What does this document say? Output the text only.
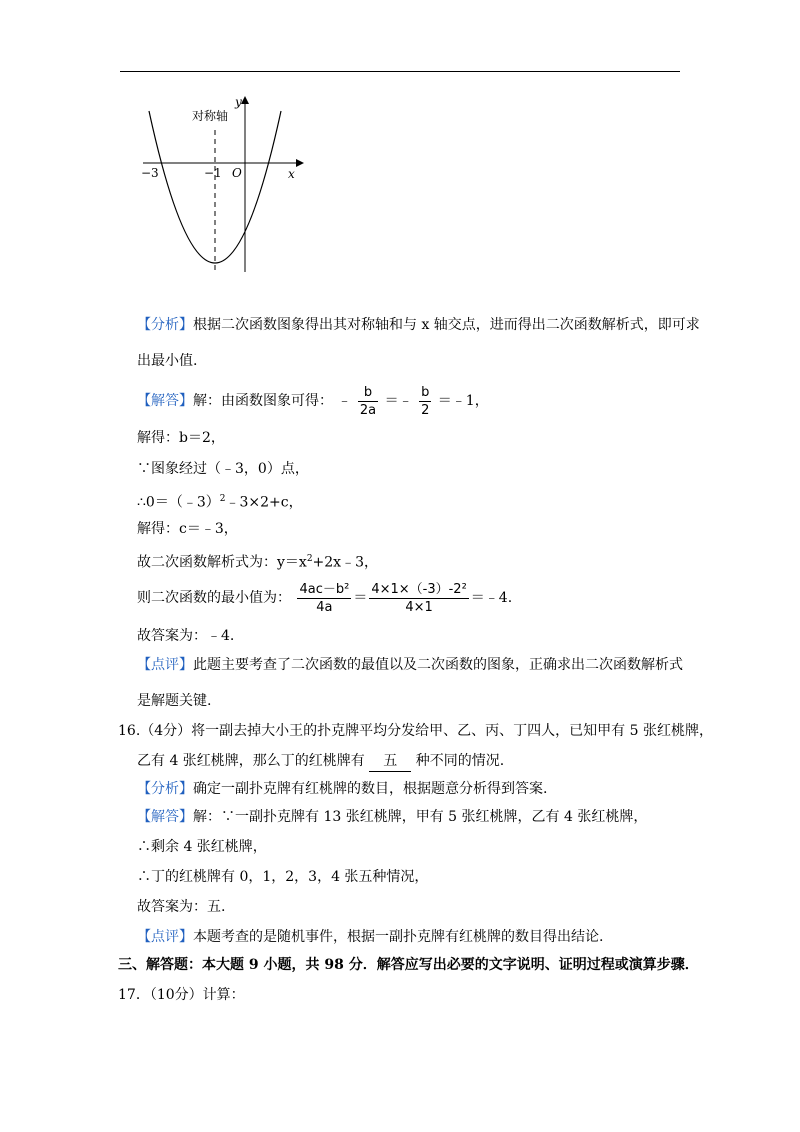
y
x
对称轴
−3	−1 O
【分析】根据二次函数图象得出其对称轴和与 x 轴交点，进而得出二次函数解析式，即可求
出最小值.
【解答】解：由函数图象可得： ﹣ $\frac{b}{2a}$ ＝﹣ $\frac{b}{2}$ ＝﹣1，
解得：b＝2，
∵图象经过（﹣3，0）点，
∴0＝（﹣3）$^2$﹣3×2+c，
解得：c＝﹣3，
故二次函数解析式为：$y=x^2+2x﹣3$，
则二次函数的最小值为： $\frac{\text{4ac－b²}}{4a} = \frac{\text{4×1×（-3）-2²}}{4\times 1}$ ＝﹣4.
故答案为：﹣4.
【点评】此题主要考查了二次函数的最值以及二次函数的图象，正确求出二次函数解析式
是解题关键.
16.（4分）将一副去掉大小王的扑克牌平均分发给甲、乙、丙、丁四人，已知甲有 5 张红桃牌，
乙有 4 张红桃牌，那么丁的红桃牌有 五 种不同的情况.
【分析】确定一副扑克牌有红桃牌的数目，根据题意分析得到答案.
【解答】解：∵一副扑克牌有 13 张红桃牌，甲有 5 张红桃牌，乙有 4 张红桃牌，
∴剩余 4 张红桃牌，
∴丁的红桃牌有 0，1，2，3，4 张五种情况，
故答案为：五.
【点评】本题考查的是随机事件，根据一副扑克牌有红桃牌的数目得出结论.
三、解答题：本大题 9 小题，共 98 分．解答应写出必要的文字说明、证明过程或演算步骤．
17．（10分）计算：
